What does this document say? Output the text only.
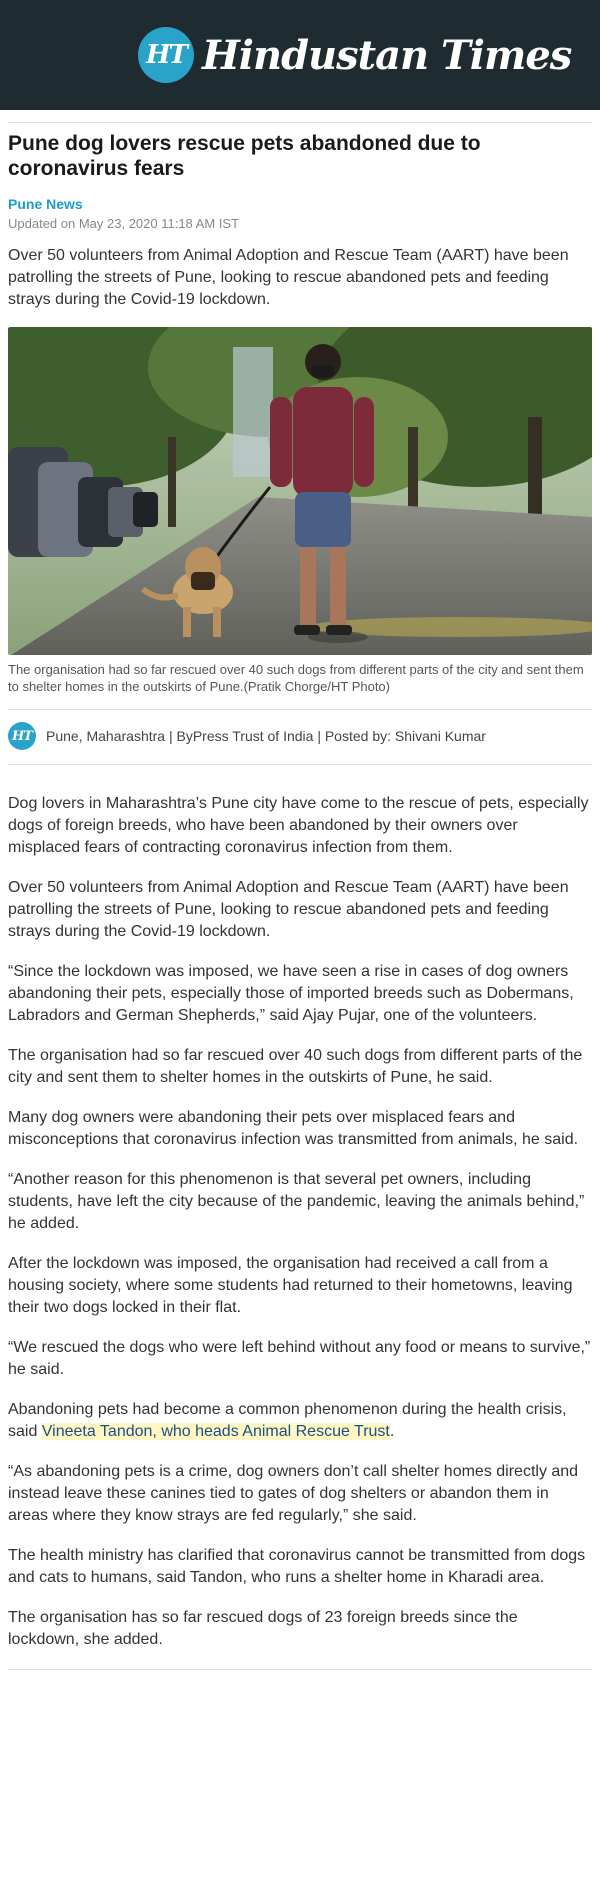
HT Hindustan Times
Pune dog lovers rescue pets abandoned due to coronavirus fears
Pune News
Updated on May 23, 2020 11:18 AM IST

Over 50 volunteers from Animal Adoption and Rescue Team (AART) have been patrolling the streets of Pune, looking to rescue abandoned pets and feeding strays during the Covid-19 lockdown.

The organisation had so far rescued over 40 such dogs from different parts of the city and sent them to shelter homes in the outskirts of Pune.(Pratik Chorge/HT Photo)

HT Pune, Maharashtra | ByPress Trust of India | Posted by: Shivani Kumar

Dog lovers in Maharashtra’s Pune city have come to the rescue of pets, especially dogs of foreign breeds, who have been abandoned by their owners over misplaced fears of contracting coronavirus infection from them.

Over 50 volunteers from Animal Adoption and Rescue Team (AART) have been patrolling the streets of Pune, looking to rescue abandoned pets and feeding strays during the Covid-19 lockdown.

“Since the lockdown was imposed, we have seen a rise in cases of dog owners abandoning their pets, especially those of imported breeds such as Dobermans, Labradors and German Shepherds,” said Ajay Pujar, one of the volunteers.

The organisation had so far rescued over 40 such dogs from different parts of the city and sent them to shelter homes in the outskirts of Pune, he said.

Many dog owners were abandoning their pets over misplaced fears and misconceptions that coronavirus infection was transmitted from animals, he said.

“Another reason for this phenomenon is that several pet owners, including students, have left the city because of the pandemic, leaving the animals behind,” he added.

After the lockdown was imposed, the organisation had received a call from a housing society, where some students had returned to their hometowns, leaving their two dogs locked in their flat.

“We rescued the dogs who were left behind without any food or means to survive,” he said.

Abandoning pets had become a common phenomenon during the health crisis, said Vineeta Tandon, who heads Animal Rescue Trust.

“As abandoning pets is a crime, dog owners don’t call shelter homes directly and instead leave these canines tied to gates of dog shelters or abandon them in areas where they know strays are fed regularly,” she said.

The health ministry has clarified that coronavirus cannot be transmitted from dogs and cats to humans, said Tandon, who runs a shelter home in Kharadi area.

The organisation has so far rescued dogs of 23 foreign breeds since the lockdown, she added.
